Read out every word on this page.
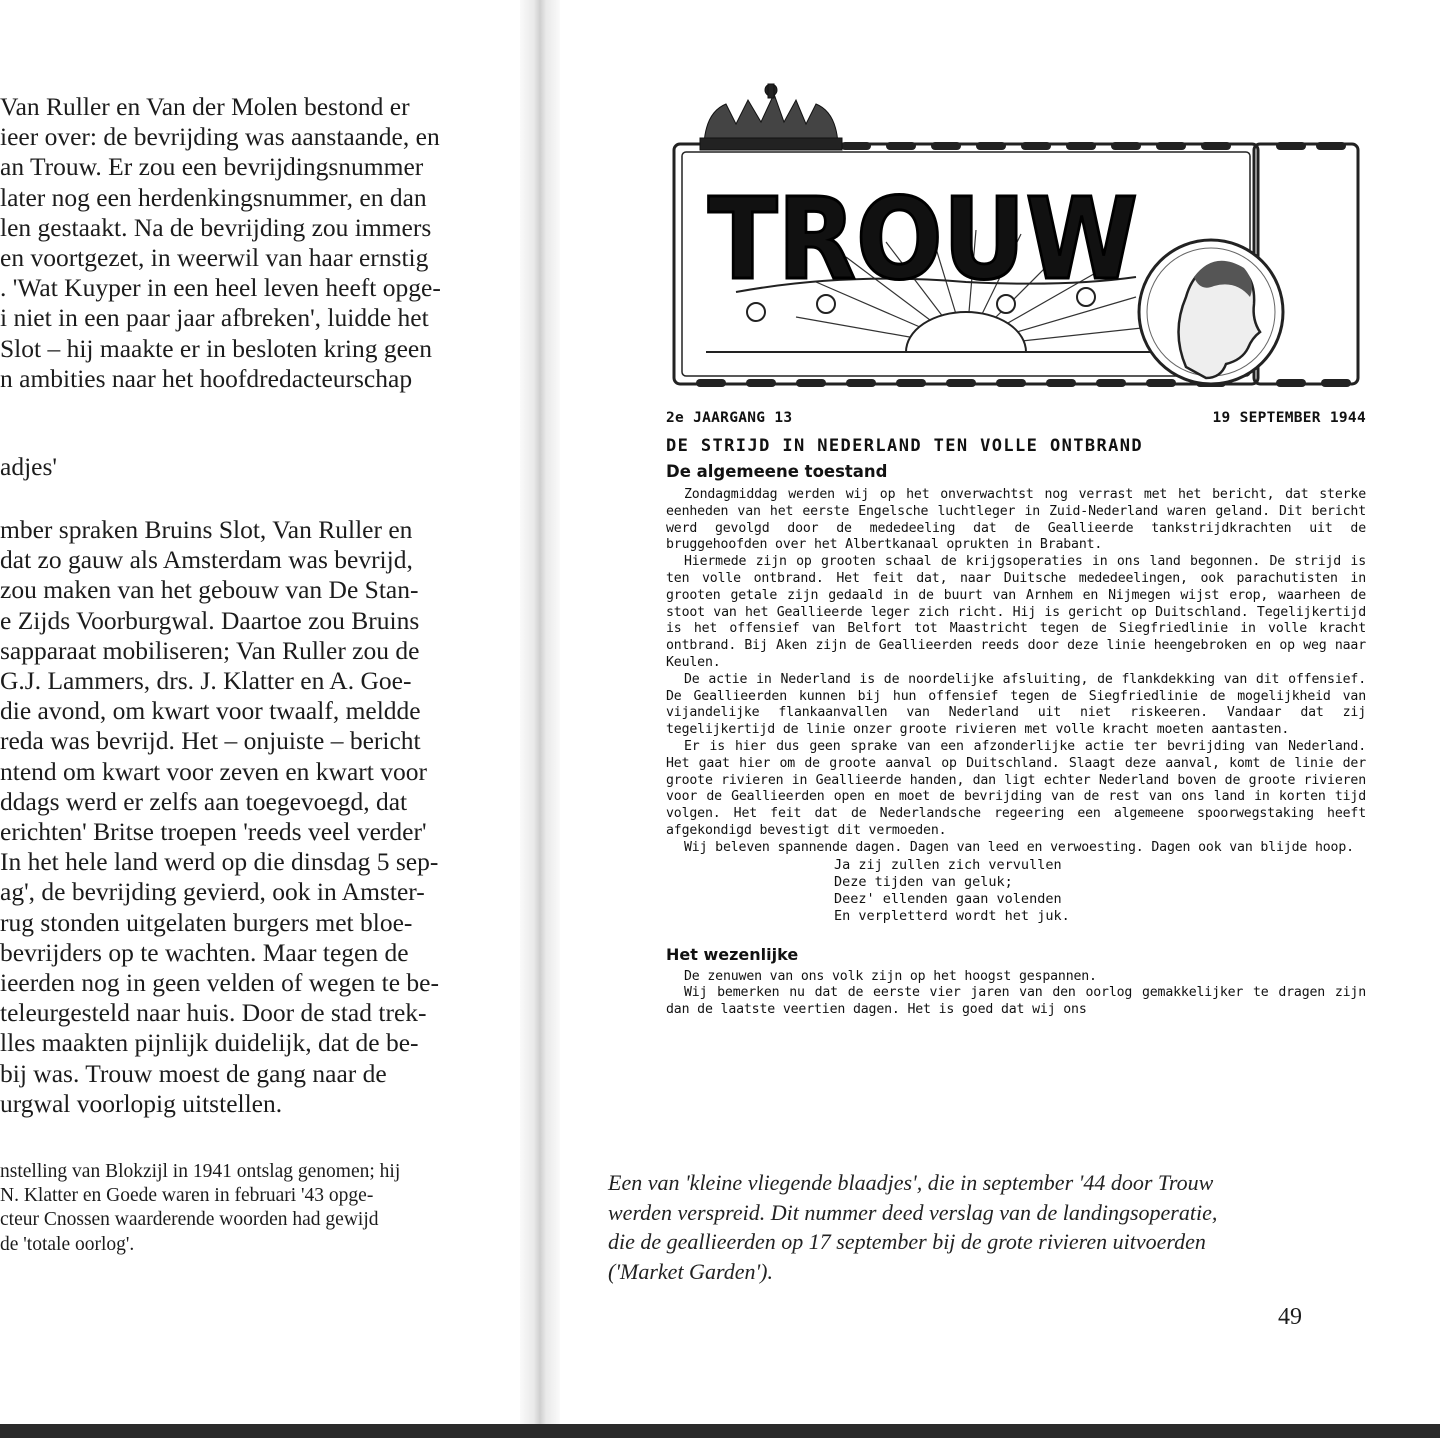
Van Ruller en Van der Molen bestond er
ieer over: de bevrijding was aanstaande, en
an Trouw. Er zou een bevrijdingsnummer
later nog een herdenkingsnummer, en dan
len gestaakt. Na de bevrijding zou immers
en voortgezet, in weerwil van haar ernstig
. 'Wat Kuyper in een heel leven heeft opge-
i niet in een paar jaar afbreken', luidde het
Slot – hij maakte er in besloten kring geen
n ambities naar het hoofdredacteurschap
adjes'
mber spraken Bruins Slot, Van Ruller en
dat zo gauw als Amsterdam was bevrijd,
zou maken van het gebouw van De Stan-
e Zijds Voorburgwal. Daartoe zou Bruins
sapparaat mobiliseren; Van Ruller zou de
G.J. Lammers, drs. J. Klatter en A. Goe-
die avond, om kwart voor twaalf, meldde
reda was bevrijd. Het – onjuiste – bericht
ntend om kwart voor zeven en kwart voor
ddags werd er zelfs aan toegevoegd, dat
erichten' Britse troepen 'reeds veel verder'
In het hele land werd op die dinsdag 5 sep-
ag', de bevrijding gevierd, ook in Amster-
rug stonden uitgelaten burgers met bloe-
bevrijders op te wachten. Maar tegen de
ieerden nog in geen velden of wegen te be-
teleurgesteld naar huis. Door de stad trek-
lles maakten pijnlijk duidelijk, dat de be-
bij was. Trouw moest de gang naar de
urgwal voorlopig uitstellen.
nstelling van Blokzijl in 1941 ontslag genomen; hij
N. Klatter en Goede waren in februari '43 opge-
cteur Cnossen waarderende woorden had gewijd
de 'totale oorlog'.
TROUW
2e JAARGANG 13	19 SEPTEMBER 1944
DE STRIJD IN NEDERLAND TEN VOLLE ONTBRAND
De algemeene toestand

Zondagmiddag werden wij op het onverwachtst nog verrast met het bericht, dat sterke eenheden van het eerste Engelsche luchtleger in Zuid-Nederland waren geland. Dit bericht werd gevolgd door de mededeeling dat de Geallieerde tankstrijdkrachten uit de bruggehoofden over het Albertkanaal oprukten in Brabant.

Hiermede zijn op grooten schaal de krijgsoperaties in ons land begonnen. De strijd is ten volle ontbrand. Het feit dat, naar Duitsche mededeelingen, ook parachutisten in grooten getale zijn gedaald in de buurt van Arnhem en Nijmegen wijst erop, waarheen de stoot van het Geallieerde leger zich richt. Hij is gericht op Duitschland. Tegelijkertijd is het offensief van Belfort tot Maastricht tegen de Siegfriedlinie in volle kracht ontbrand. Bij Aken zijn de Geallieerden reeds door deze linie heengebroken en op weg naar Keulen.

De actie in Nederland is de noordelijke afsluiting, de flankdekking van dit offensief. De Geallieerden kunnen bij hun offensief tegen de Siegfriedlinie de mogelijkheid van vijandelijke flankaanvallen van Nederland uit niet riskeeren. Vandaar dat zij tegelijkertijd de linie onzer groote rivieren met volle kracht moeten aantasten.

Er is hier dus geen sprake van een afzonderlijke actie ter bevrijding van Nederland. Het gaat hier om de groote aanval op Duitschland. Slaagt deze aanval, komt de linie der groote rivieren in Geallieerde handen, dan ligt echter Nederland boven de groote rivieren voor de Geallieerden open en moet de bevrijding van de rest van ons land in korten tijd volgen. Het feit dat de Nederlandsche regeering een algemeene spoorwegstaking heeft afgekondigd bevestigt dit vermoeden.

Wij beleven spannende dagen. Dagen van leed en verwoesting. Dagen ook van blijde hoop.

Ja zij zullen zich vervullen
Deze tijden van geluk;
Deez' ellenden gaan volenden
En verpletterd wordt het juk.
Het wezenlijke

De zenuwen van ons volk zijn op het hoogst gespannen.

Wij bemerken nu dat de eerste vier jaren van den oorlog gemakkelijker te dragen zijn dan de laatste veertien dagen. Het is goed dat wij ons

Een van 'kleine vliegende blaadjes', die in september '44 door Trouw
werden verspreid. Dit nummer deed verslag van de landingsoperatie,
die de geallieerden op 17 september bij de grote rivieren uitvoerden
('Market Garden').

49
